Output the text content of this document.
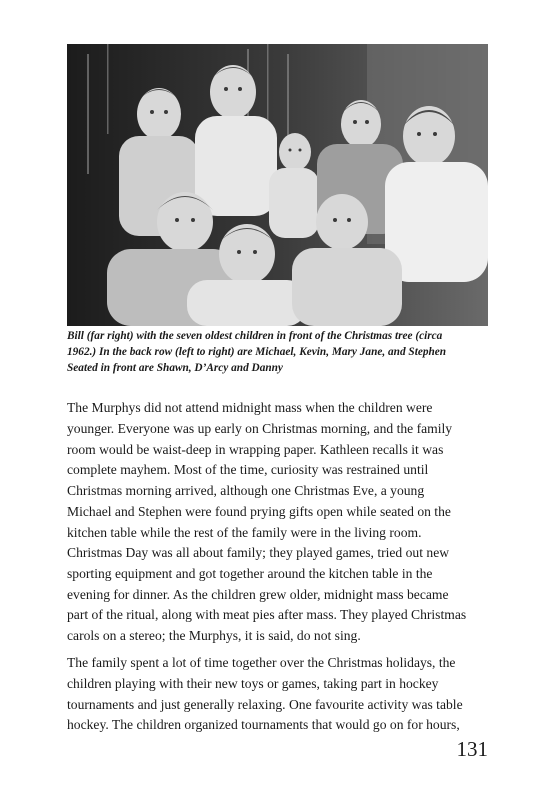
Bill (far right) with the seven oldest children in front of the Christmas tree (circa
1962.) In the back row (left to right) are Michael, Kevin, Mary Jane, and Stephen
Seated in front are Shawn, D’Arcy and Danny

The Murphys did not attend midnight mass when the children were
younger. Everyone was up early on Christmas morning, and the family
room would be waist-deep in wrapping paper. Kathleen recalls it was
complete mayhem. Most of the time, curiosity was restrained until
Christmas morning arrived, although one Christmas Eve, a young
Michael and Stephen were found prying gifts open while seated on the
kitchen table while the rest of the family were in the living room.

Christmas Day was all about family; they played games, tried out new
sporting equipment and got together around the kitchen table in the
evening for dinner. As the children grew older, midnight mass became
part of the ritual, along with meat pies after mass. They played Christmas
carols on a stereo; the Murphys, it is said, do not sing.

The family spent a lot of time together over the Christmas holidays, the
children playing with their new toys or games, taking part in hockey
tournaments and just generally relaxing. One favourite activity was table
hockey. The children organized tournaments that would go on for hours,

131
